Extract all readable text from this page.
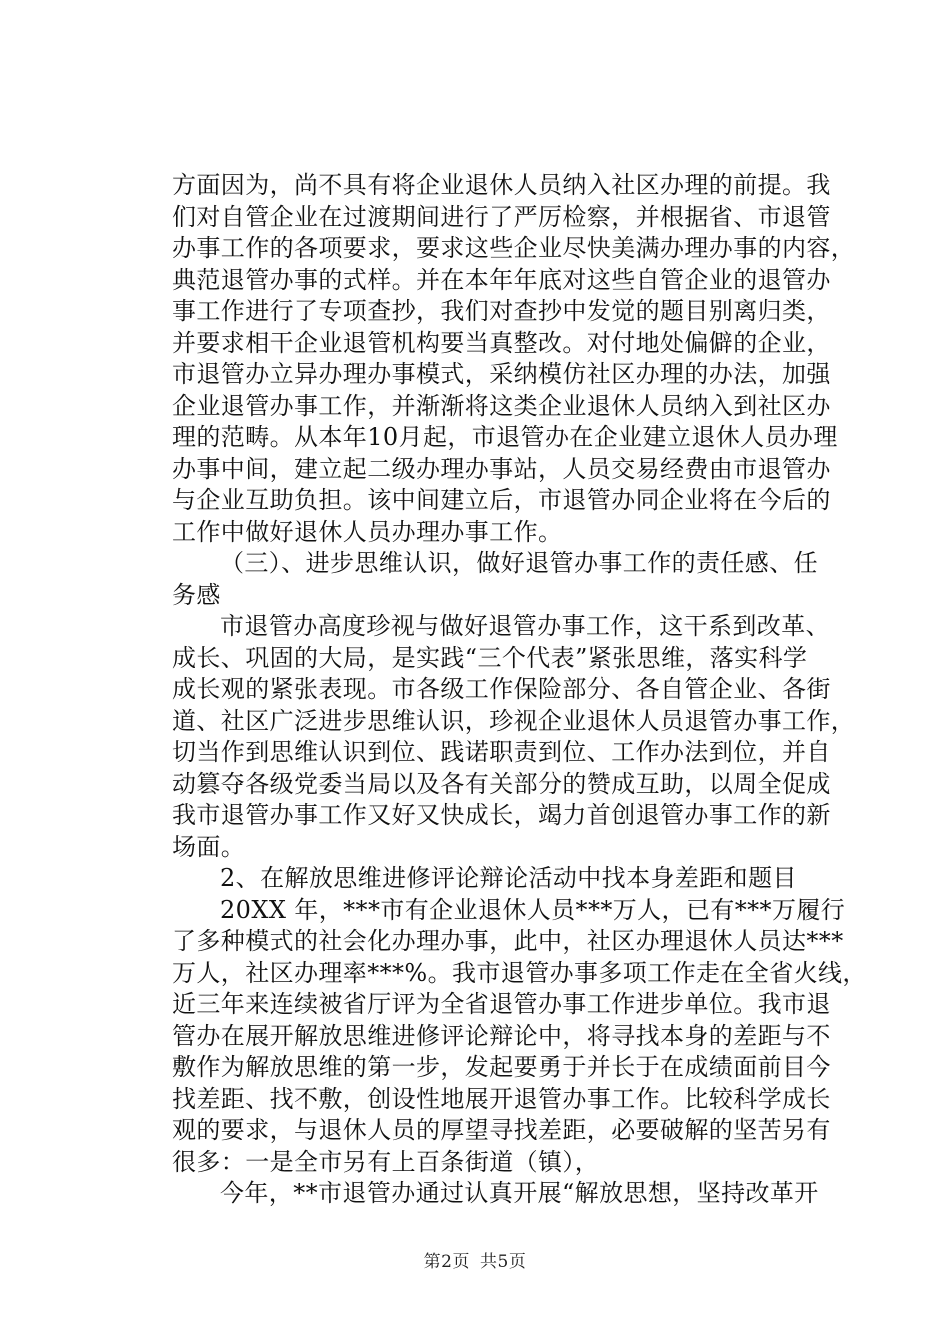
方面因为，尚不具有将企业退休人员纳入社区办理的前提。我
们对自管企业在过渡期间进行了严厉检察，并根据省、市退管
办事工作的各项要求，要求这些企业尽快美满办理办事的内容，
典范退管办事的式样。并在本年年底对这些自管企业的退管办
事工作进行了专项查抄，我们对查抄中发觉的题目别离归类，
并要求相干企业退管机构要当真整改。对付地处偏僻的企业，
市退管办立异办理办事模式，采纳模仿社区办理的办法，加强
企业退管办事工作，并渐渐将这类企业退休人员纳入到社区办
理的范畴。从本年10月起，市退管办在企业建立退休人员办理
办事中间，建立起二级办理办事站，人员交易经费由市退管办
与企业互助负担。该中间建立后，市退管办同企业将在今后的
工作中做好退休人员办理办事工作。
（三）、进步思维认识，做好退管办事工作的责任感、任
务感
市退管办高度珍视与做好退管办事工作，这干系到改革、
成长、巩固的大局，是实践“三个代表”紧张思维，落实科学
成长观的紧张表现。市各级工作保险部分、各自管企业、各街
道、社区广泛进步思维认识，珍视企业退休人员退管办事工作，
切当作到思维认识到位、践诺职责到位、工作办法到位，并自
动篡夺各级党委当局以及各有关部分的赞成互助，以周全促成
我市退管办事工作又好又快成长，竭力首创退管办事工作的新
场面。
2、在解放思维进修评论辩论活动中找本身差距和题目
20XX 年，***市有企业退休人员***万人，已有***万履行
了多种模式的社会化办理办事，此中，社区办理退休人员达***
万人，社区办理率***%。我市退管办事多项工作走在全省火线，
近三年来连续被省厅评为全省退管办事工作进步单位。我市退
管办在展开解放思维进修评论辩论中，将寻找本身的差距与不
敷作为解放思维的第一步，发起要勇于并长于在成绩面前目今
找差距、找不敷，创设性地展开退管办事工作。比较科学成长
观的要求，与退休人员的厚望寻找差距，必要破解的坚苦另有
很多：一是全市另有上百条街道（镇），
今年，**市退管办通过认真开展“解放思想，坚持改革开
第2页 共5页
